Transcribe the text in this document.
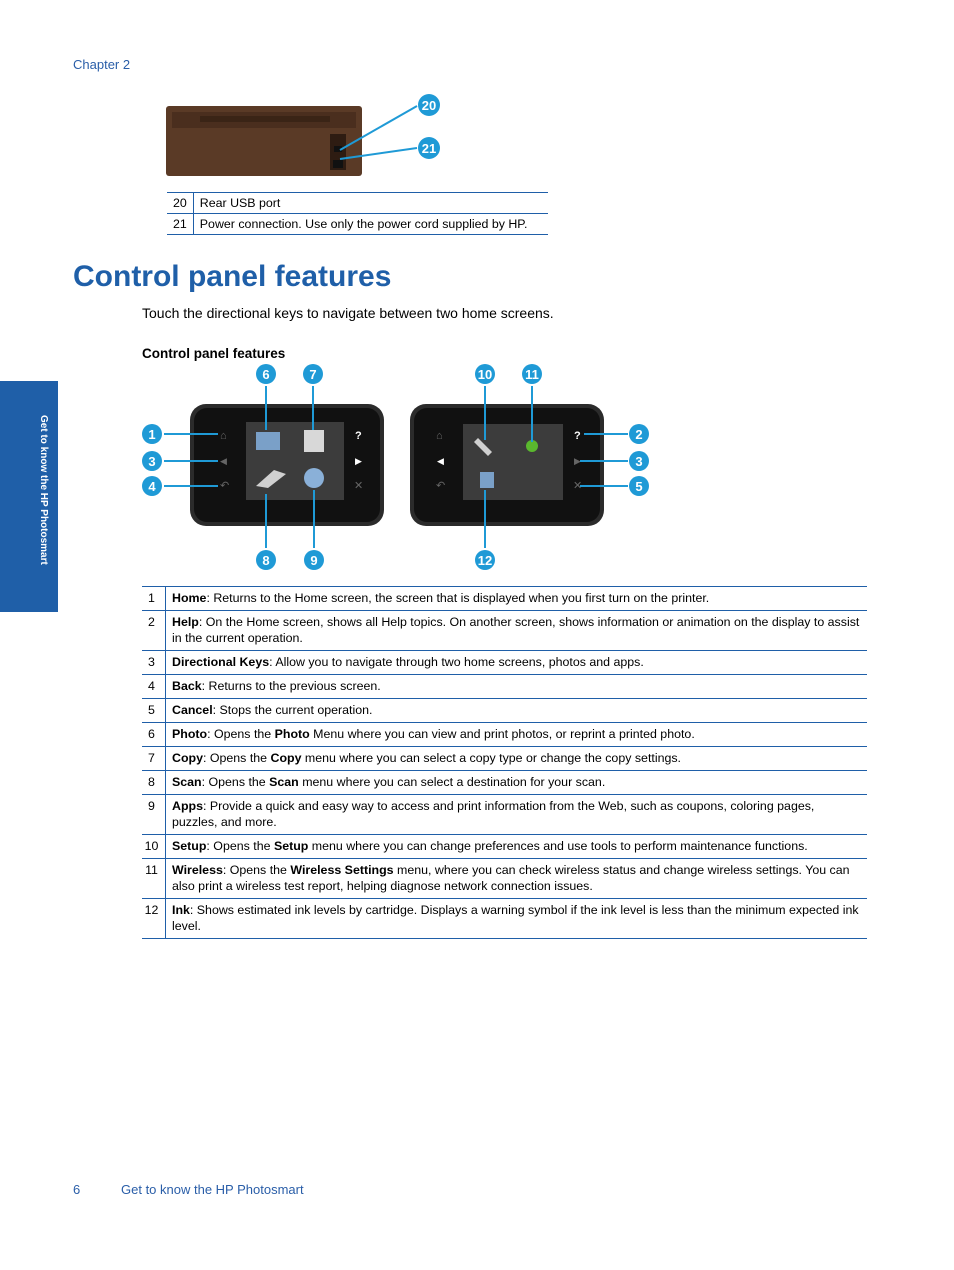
Chapter 2
Get to know the HP Photosmart
20
21
20	Rear USB port
21	Power connection. Use only the power cord supplied by HP.
Control panel features
Touch the directional keys to navigate between two home screens.
Control panel features
⌂
◀
↶
?
▶
✕
⌂
◀
↶
?
▶
✕
1	2
3	3
4	5
6	7
8	9
10	11
12
1	Home: Returns to the Home screen, the screen that is displayed when you first turn on the printer.
2	Help: On the Home screen, shows all Help topics. On another screen, shows information or animation on the display to assist in the current operation.
3	Directional Keys: Allow you to navigate through two home screens, photos and apps.
4	Back: Returns to the previous screen.
5	Cancel: Stops the current operation.
6	Photo: Opens the Photo Menu where you can view and print photos, or reprint a printed photo.
7	Copy: Opens the Copy menu where you can select a copy type or change the copy settings.
8	Scan: Opens the Scan menu where you can select a destination for your scan.
9	Apps: Provide a quick and easy way to access and print information from the Web, such as coupons, coloring pages, puzzles, and more.
10	Setup: Opens the Setup menu where you can change preferences and use tools to perform maintenance functions.
11	Wireless: Opens the Wireless Settings menu, where you can check wireless status and change wireless settings. You can also print a wireless test report, helping diagnose network connection issues.
12	Ink: Shows estimated ink levels by cartridge. Displays a warning symbol if the ink level is less than the minimum expected ink level.
6	Get to know the HP Photosmart
